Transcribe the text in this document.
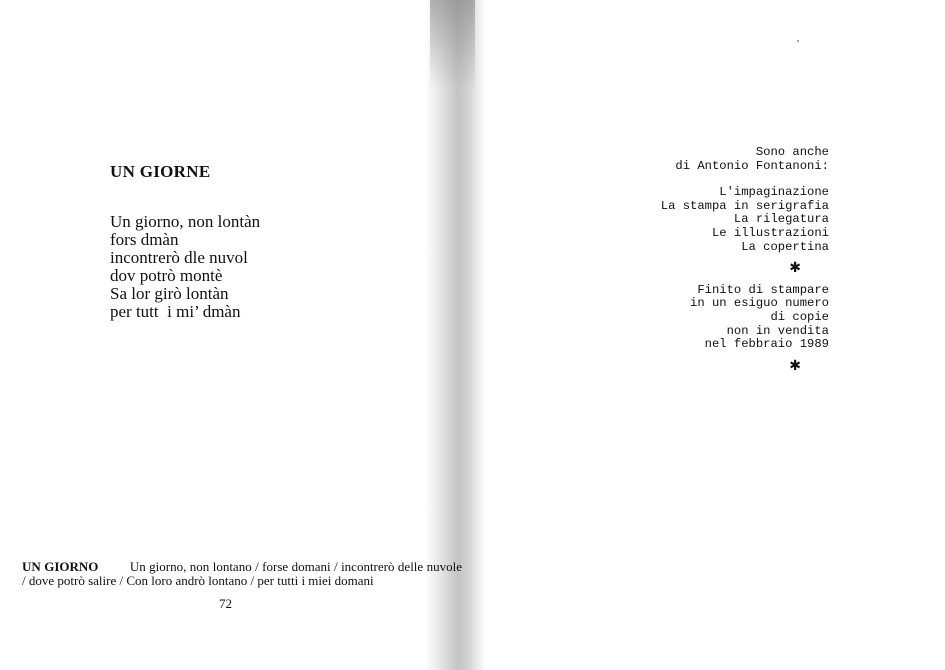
UN GIORNE
Un giorno, non lontàn
fors dmàn
incontrerò dle nuvol
dov potrò montè
Sa lor girò lontàn
per tutt  i mi’ dmàn
UN GIORNO Un giorno, non lontano / forse domani / incontrerò delle nuvole / dove potrò salire / Con loro andrò lontano / per tutti i miei domani
72
Sono anche
di Antonio Fontanoni:
L'impaginazione
La stampa in serigrafia
La rilegatura
Le illustrazioni
La copertina
✱
Finito di stampare
in un esiguo numero
di copie
non in vendita
nel febbraio 1989
✱
